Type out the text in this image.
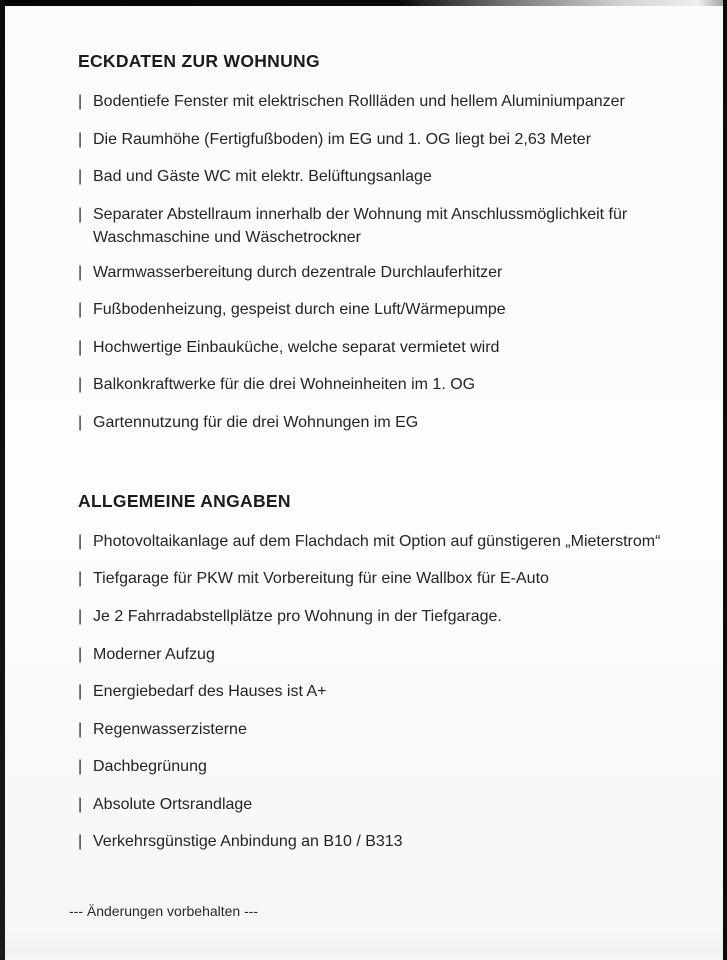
ECKDATEN ZUR WOHNUNG
| Bodentiefe Fenster mit elektrischen Rollläden und hellem Aluminiumpanzer
| Die Raumhöhe (Fertigfußboden) im EG und 1. OG liegt bei 2,63 Meter
| Bad und Gäste WC mit elektr. Belüftungsanlage
| Separater Abstellraum innerhalb der Wohnung mit Anschlussmöglichkeit für
Waschmaschine und Wäschetrockner
| Warmwasserbereitung durch dezentrale Durchlauferhitzer
| Fußbodenheizung, gespeist durch eine Luft/Wärmepumpe
| Hochwertige Einbauküche, welche separat vermietet wird
| Balkonkraftwerke für die drei Wohneinheiten im 1. OG
| Gartennutzung für die drei Wohnungen im EG
ALLGEMEINE ANGABEN
| Photovoltaikanlage auf dem Flachdach mit Option auf günstigeren „Mieterstrom“
| Tiefgarage für PKW mit Vorbereitung für eine Wallbox für E-Auto
| Je 2 Fahrradabstellplätze pro Wohnung in der Tiefgarage.
| Moderner Aufzug
| Energiebedarf des Hauses ist A+
| Regenwasserzisterne
| Dachbegrünung
| Absolute Ortsrandlage
| Verkehrsgünstige Anbindung an B10 / B313
--- Änderungen vorbehalten ---
